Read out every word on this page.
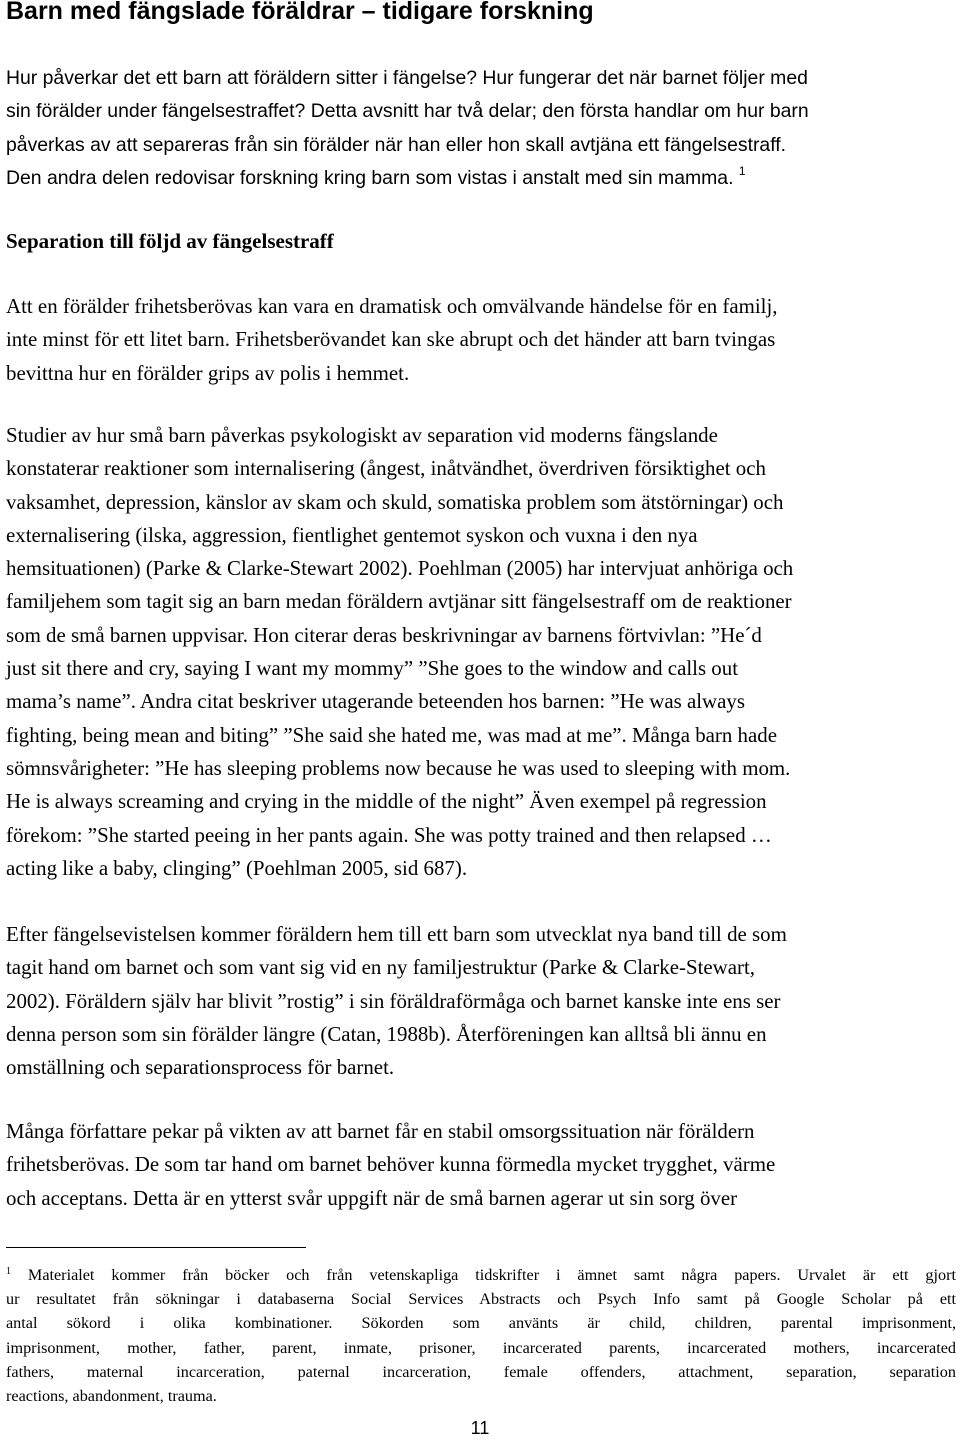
Barn med fängslade föräldrar – tidigare forskning
Hur påverkar det ett barn att föräldern sitter i fängelse? Hur fungerar det när barnet följer med
sin förälder under fängelsestraffet? Detta avsnitt har två delar; den första handlar om hur barn
påverkas av att separeras från sin förälder när han eller hon skall avtjäna ett fängelsestraff.
Den andra delen redovisar forskning kring barn som vistas i anstalt med sin mamma. $^1$
Separation till följd av fängelsestraff
Att en förälder frihetsberövas kan vara en dramatisk och omvälvande händelse för en familj,
inte minst för ett litet barn. Frihetsberövandet kan ske abrupt och det händer att barn tvingas
bevittna hur en förälder grips av polis i hemmet.
Studier av hur små barn påverkas psykologiskt av separation vid moderns fängslande
konstaterar reaktioner som internalisering (ångest, inåtvändhet, överdriven försiktighet och
vaksamhet, depression, känslor av skam och skuld, somatiska problem som ätstörningar) och
externalisering (ilska, aggression, fientlighet gentemot syskon och vuxna i den nya
hemsituationen) (Parke & Clarke-Stewart 2002). Poehlman (2005) har intervjuat anhöriga och
familjehem som tagit sig an barn medan föräldern avtjänar sitt fängelsestraff om de reaktioner
som de små barnen uppvisar. Hon citerar deras beskrivningar av barnens förtvivlan: ”He´d
just sit there and cry, saying I want my mommy” ”She goes to the window and calls out
mama’s name”. Andra citat beskriver utagerande beteenden hos barnen: ”He was always
fighting, being mean and biting” ”She said she hated me, was mad at me”. Många barn hade
sömnsvårigheter: ”He has sleeping problems now because he was used to sleeping with mom.
He is always screaming and crying in the middle of the night” Även exempel på regression
förekom: ”She started peeing in her pants again. She was potty trained and then relapsed …
acting like a baby, clinging” (Poehlman 2005, sid 687).
Efter fängelsevistelsen kommer föräldern hem till ett barn som utvecklat nya band till de som
tagit hand om barnet och som vant sig vid en ny familjestruktur (Parke & Clarke-Stewart,
2002). Föräldern själv har blivit ”rostig” i sin föräldraförmåga och barnet kanske inte ens ser
denna person som sin förälder längre (Catan, 1988b). Återföreningen kan alltså bli ännu en
omställning och separationsprocess för barnet.
Många författare pekar på vikten av att barnet får en stabil omsorgssituation när föräldern
frihetsberövas. De som tar hand om barnet behöver kunna förmedla mycket trygghet, värme
och acceptans. Detta är en ytterst svår uppgift när de små barnen agerar ut sin sorg över
$^1$ Materialet kommer från böcker och från vetenskapliga tidskrifter i ämnet samt några papers. Urvalet är ett gjort
ur resultatet från sökningar i databaserna Social Services Abstracts och Psych Info samt på Google Scholar på ett
antal sökord i olika kombinationer. Sökorden som använts är child, children, parental imprisonment,
imprisonment, mother, father, parent, inmate, prisoner, incarcerated parents, incarcerated mothers, incarcerated
fathers, maternal incarceration, paternal incarceration, female offenders, attachment, separation, separation
reactions, abandonment, trauma.
11
